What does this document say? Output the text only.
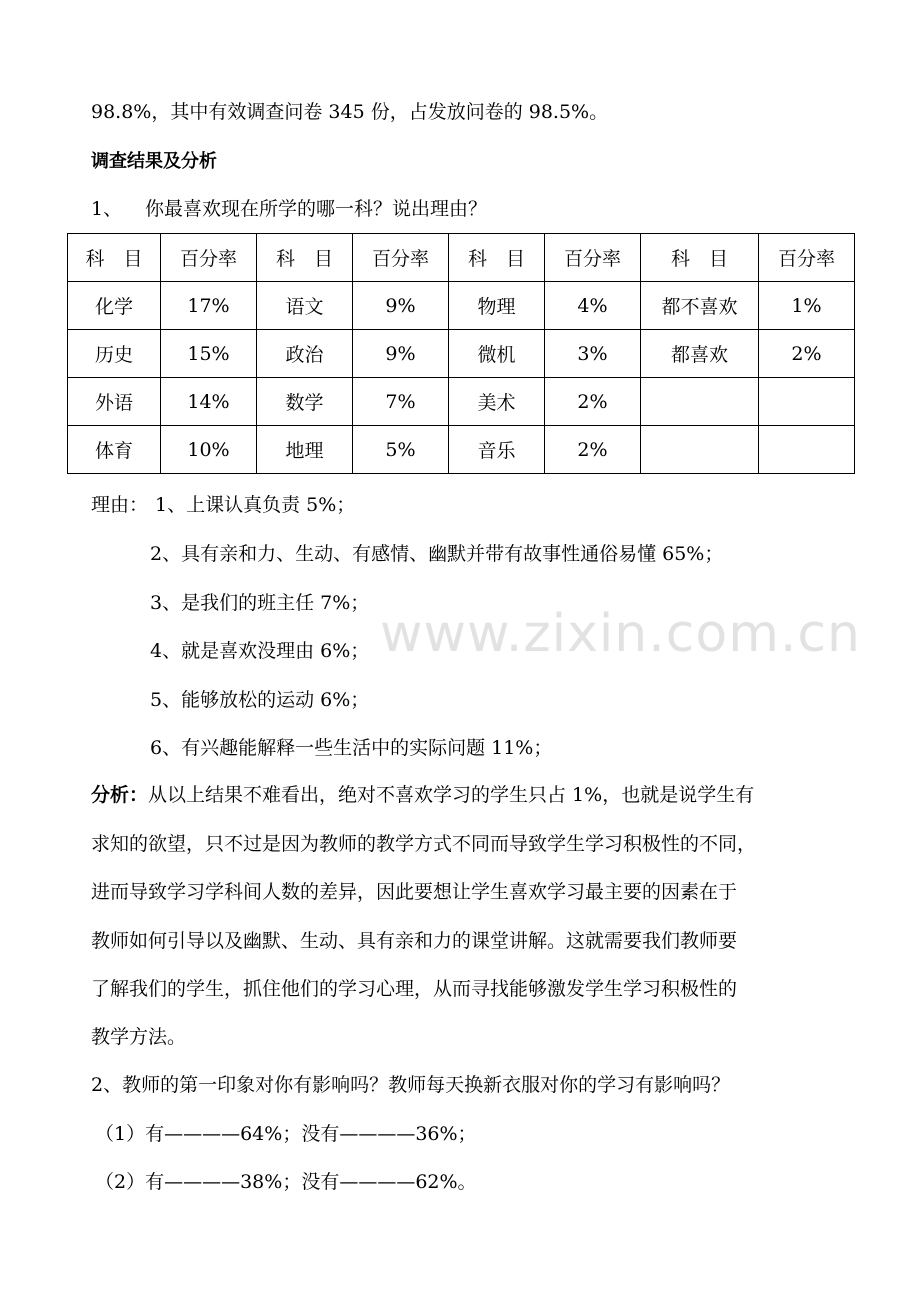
98.8%，其中有效调查问卷 345 份，占发放问卷的 98.5%。
调查结果及分析
1、 你最喜欢现在所学的哪一科？说出理由？
科　目	百分率	科　目	百分率	科　目	百分率	科　目	百分率
化学	17%	语文	9%	物理	4%	都不喜欢	1%
历史	15%	政治	9%	微机	3%	都喜欢	2%
外语	14%	数学	7%	美术	2%		
体育	10%	地理	5%	音乐	2%		
理由： 1、上课认真负责 5%；
2、具有亲和力、生动、有感情、幽默并带有故事性通俗易懂 65%；
3、是我们的班主任 7%；
4、就是喜欢没理由 6%；
5、能够放松的运动 6%；
6、有兴趣能解释一些生活中的实际问题 11%；
分析：从以上结果不难看出，绝对不喜欢学习的学生只占 1%，也就是说学生有
求知的欲望，只不过是因为教师的教学方式不同而导致学生学习积极性的不同，
进而导致学习学科间人数的差异，因此要想让学生喜欢学习最主要的因素在于
教师如何引导以及幽默、生动、具有亲和力的课堂讲解。这就需要我们教师要
了解我们的学生，抓住他们的学习心理，从而寻找能够激发学生学习积极性的
教学方法。
2、教师的第一印象对你有影响吗？教师每天换新衣服对你的学习有影响吗？
（1）有————64%；没有————36%；
（2）有————38%；没有————62%。
www.zixin.com.cn
